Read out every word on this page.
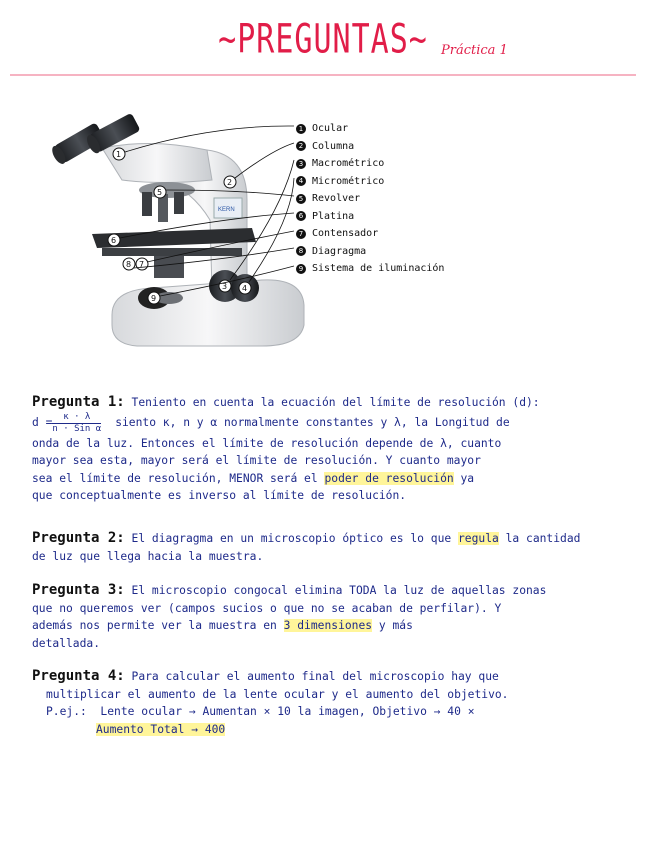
~PREGUNTAS~	Práctica 1
KERN
1
2
3 4
5
6
7
8
9
1 Ocular
2 Columna
3 Macrométrico
4 Micrométrico
5 Revolver
6 Platina
7 Contensador
8 Diagragma
9 Sistema de iluminación
Pregunta 1: Teniento en cuenta la ecuación del límite de resolución (d):
$d = \frac{\kappa \cdot \lambda}{\text{n · Sin α}}$ siento κ, n y α normalmente constantes y λ, la Longitud de
onda de la luz. Entonces el límite de resolución depende de λ, cuanto
mayor sea esta, mayor será el límite de resolución. Y cuanto mayor
sea el límite de resolución, MENOR será el poder de resolución ya
que conceptualmente es inverso al límite de resolución.
Pregunta 2: El diagragma en un microscopio óptico es lo que regula la cantidad
de luz que llega hacia la muestra.
Pregunta 3: El microscopio congocal elimina TODA la luz de aquellas zonas
que no queremos ver (campos sucios o que no se acaban de perfilar). Y
además nos permite ver la muestra en 3 dimensiones y más
detallada.
Pregunta 4: Para calcular el aumento final del microscopio hay que
multiplicar el aumento de la lente ocular y el aumento del objetivo.
P.ej.: Lente ocular → Aumentan × 10 la imagen, Objetivo → 40 ×
Aumento Total → 400
